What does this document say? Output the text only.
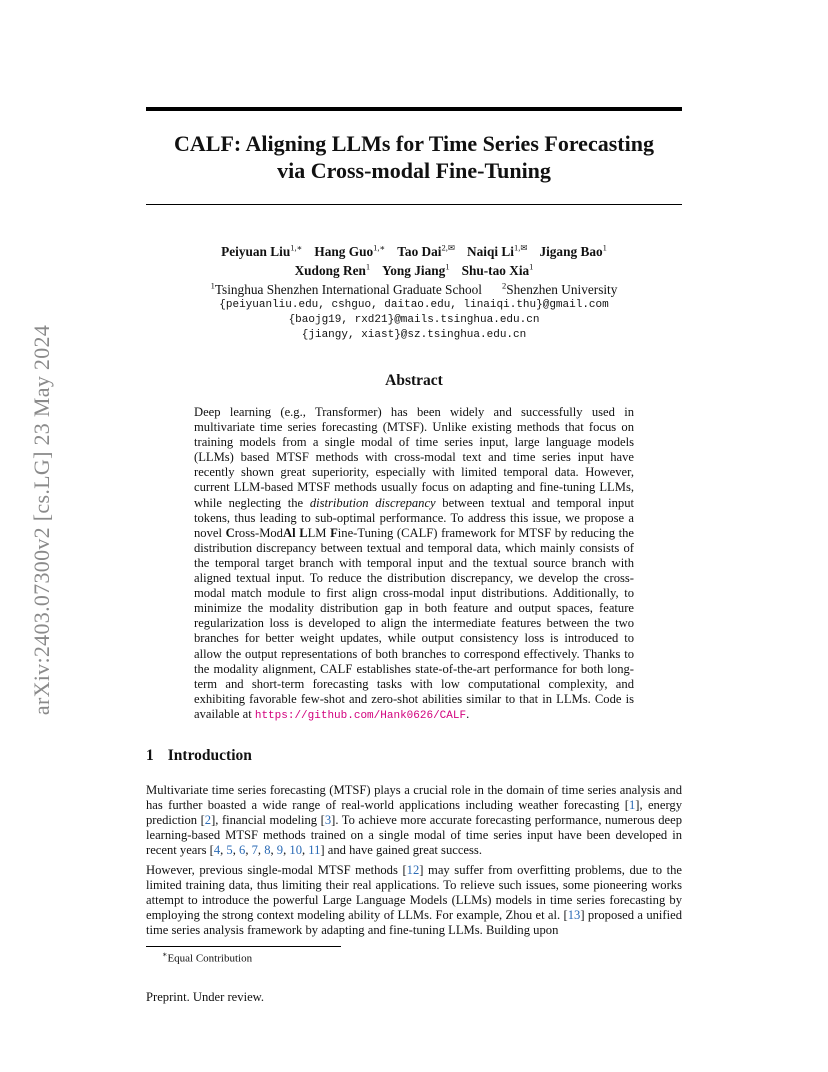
arXiv:2403.07300v2 [cs.LG] 23 May 2024
CALF: Aligning LLMs for Time Series Forecasting
via Cross-modal Fine-Tuning
Peiyuan Liu$^{1,∗}$ Hang Guo$^{1,∗}$ Tao Dai$^{2,✉}$ Naiqi $Li^{1,✉}$ Jigang Bao$^1$
Xudong Ren$^1$ Yong Jiang$^1$ Shu-tao Xia$^1$
$^1$Tsinghua Shenzhen International Graduate School $^2$Shenzhen University
{peiyuanliu.edu, cshguo, daitao.edu, linaiqi.thu}@gmail.com
{baojg19, rxd21}@mails.tsinghua.edu.cn
{jiangy, xiast}@sz.tsinghua.edu.cn
Abstract
Deep learning (e.g., Transformer) has been widely and successfully used in multivariate time series forecasting (MTSF). Unlike existing methods that focus on training models from a single modal of time series input, large language models (LLMs) based MTSF methods with cross-modal text and time series input have recently shown great superiority, especially with limited temporal data. However, current LLM-based MTSF methods usually focus on adapting and fine-tuning LLMs, while neglecting the distribution discrepancy between textual and temporal input tokens, thus leading to sub-optimal performance. To address this issue, we propose a novel Cross-ModAl LLM Fine-Tuning (CALF) framework for MTSF by reducing the distribution discrepancy between textual and temporal data, which mainly consists of the temporal target branch with temporal input and the textual source branch with aligned textual input. To reduce the distribution discrepancy, we develop the cross-modal match module to first align cross-modal input distributions. Additionally, to minimize the modality distribution gap in both feature and output spaces, feature regularization loss is developed to align the intermediate features between the two branches for better weight updates, while output consistency loss is introduced to allow the output representations of both branches to correspond effectively. Thanks to the modality alignment, CALF establishes state-of-the-art performance for both long-term and short-term forecasting tasks with low computational complexity, and exhibiting favorable few-shot and zero-shot abilities similar to that in LLMs. Code is available at https://github.com/Hank0626/CALF.
1 Introduction
Multivariate time series forecasting (MTSF) plays a crucial role in the domain of time series analysis and has further boasted a wide range of real-world applications including weather forecasting [1], energy prediction [2], financial modeling [3]. To achieve more accurate forecasting performance, numerous deep learning-based MTSF methods trained on a single modal of time series input have been developed in recent years [4, 5, 6, 7, 8, 9, 10, 11] and have gained great success.
However, previous single-modal MTSF methods [12] may suffer from overfitting problems, due to the limited training data, thus limiting their real applications. To relieve such issues, some pioneering works attempt to introduce the powerful Large Language Models (LLMs) models in time series forecasting by employing the strong context modeling ability of LLMs. For example, Zhou et al. [13] proposed a unified time series analysis framework by adapting and fine-tuning LLMs. Building upon
∗Equal Contribution
Preprint. Under review.
